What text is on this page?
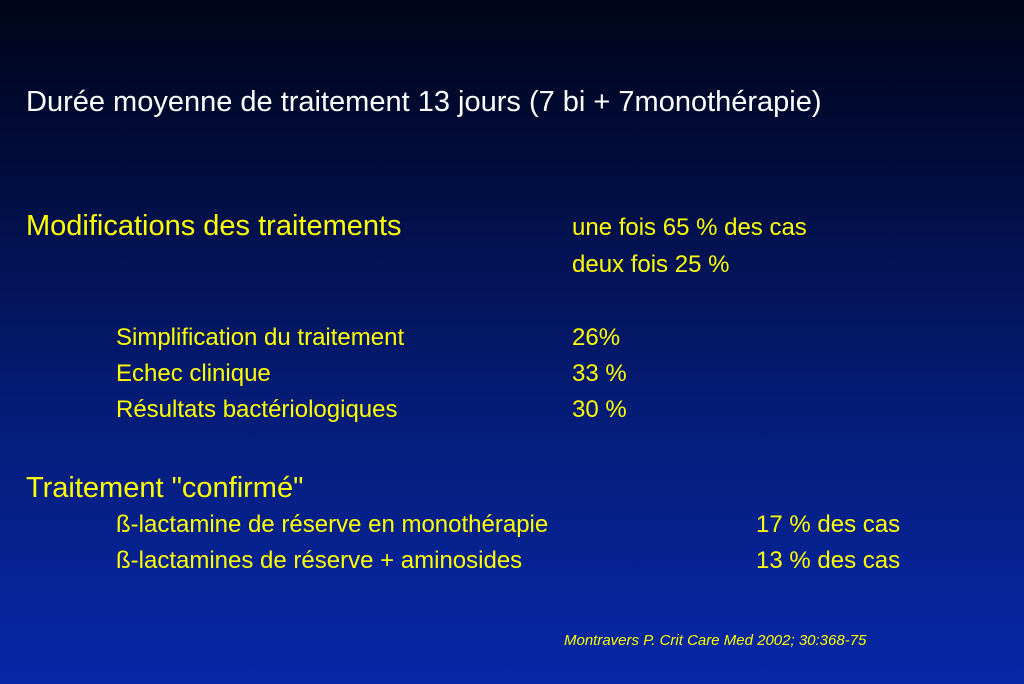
Durée moyenne de traitement 13 jours (7 bi + 7monothérapie)
Modifications des traitements	une fois 65 % des cas
deux fois 25 %
Simplification du traitement	26%
Echec clinique	33 %
Résultats bactériologiques	30 %
Traitement "confirmé"
ß-lactamine de réserve en monothérapie	17 % des cas
ß-lactamines de réserve + aminosides	13 % des cas
Montravers P. Crit Care Med 2002; 30:368-75
